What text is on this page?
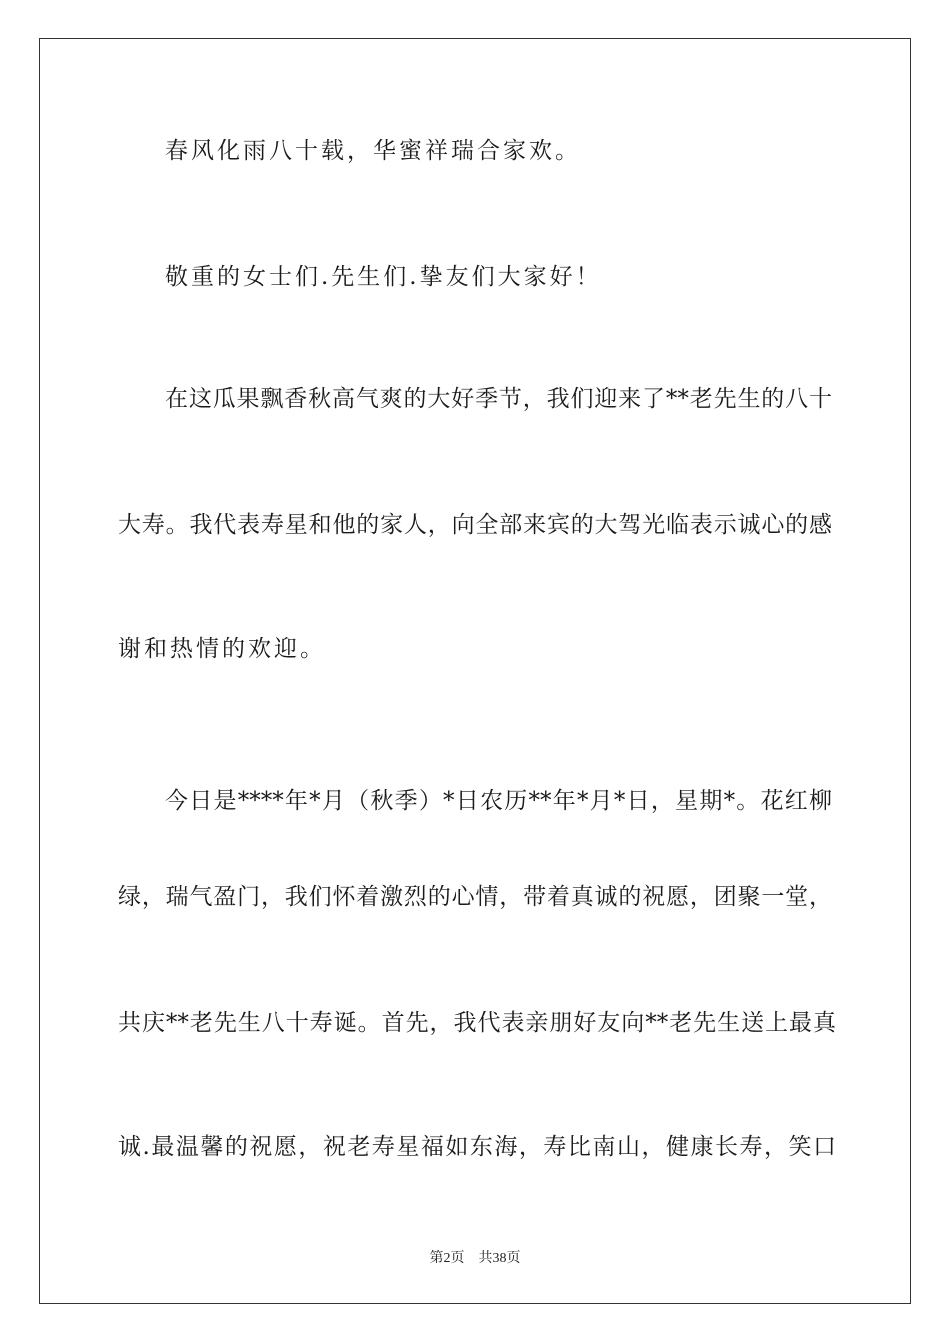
春风化雨八十载，华蜜祥瑞合家欢。
敬重的女士们.先生们.挚友们大家好！
在这瓜果飘香秋高气爽的大好季节，我们迎来了**老先生的八十
大寿。我代表寿星和他的家人，向全部来宾的大驾光临表示诚心的感
谢和热情的欢迎。
今日是****年*月（秋季）*日农历**年*月*日，星期*。花红柳
绿，瑞气盈门，我们怀着激烈的心情，带着真诚的祝愿，团聚一堂，
共庆**老先生八十寿诞。首先，我代表亲朋好友向**老先生送上最真
诚.最温馨的祝愿，祝老寿星福如东海，寿比南山，健康长寿，笑口
第2页 共38页
